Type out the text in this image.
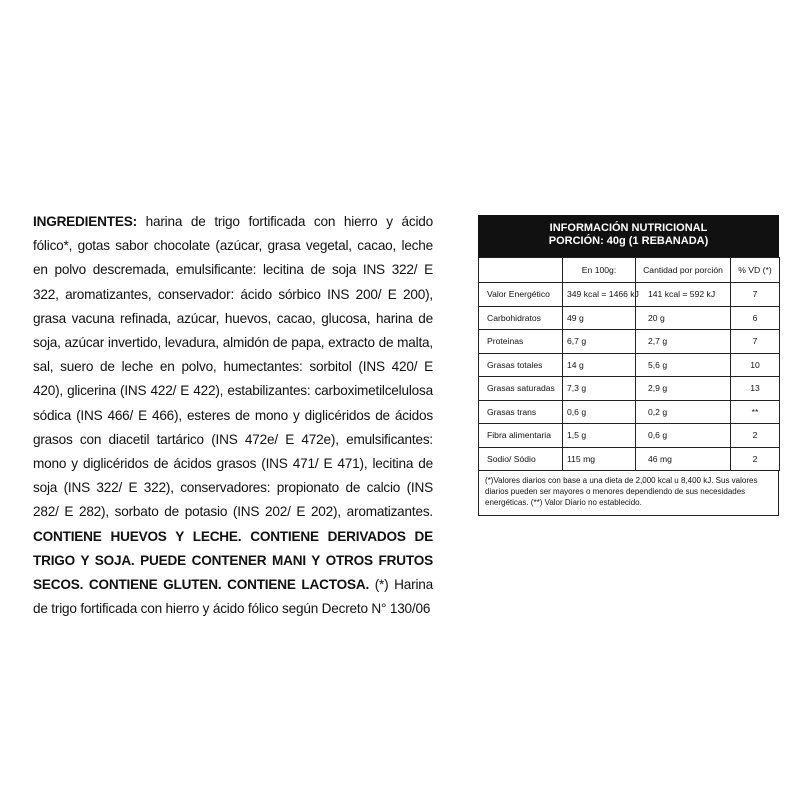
INGREDIENTES: harina de trigo fortificada con hierro y ácido fólico*, gotas sabor chocolate (azúcar, grasa vegetal, cacao, leche en polvo descremada, emulsificante: lecitina de soja INS 322/ E 322, aromatizantes, conservador: ácido sórbico INS 200/ E 200), grasa vacuna refinada, azúcar, huevos, cacao, glucosa, harina de soja, azúcar invertido, levadura, almidón de papa, extracto de malta, sal, suero de leche en polvo, humectantes: sorbitol (INS 420/ E 420), glicerina (INS 422/ E 422), estabilizantes: carboximetilcelulosa sódica (INS 466/ E 466), esteres de mono y diglicéridos de ácidos grasos con diacetil tartárico (INS 472e/ E 472e), emulsificantes: mono y diglicéridos de ácidos grasos (INS 471/ E 471), lecitina de soja (INS 322/ E 322), conservadores: propionato de calcio (INS 282/ E 282), sorbato de potasio (INS 202/ E 202), aromatizantes. CONTIENE HUEVOS Y LECHE. CONTIENE DERIVADOS DE TRIGO Y SOJA. PUEDE CONTENER MANI Y OTROS FRUTOS SECOS. CONTIENE GLUTEN. CONTIENE LACTOSA. (*) Harina de trigo fortificada con hierro y ácido fólico según Decreto N° 130/06
INFORMACIÓN NUTRICIONAL
PORCIÓN: 40g (1 REBANADA)
	En 100g:	Cantidad por porción	% VD (*)
Valor Energético	349 kcal = 1466 kJ	141 kcal = 592 kJ	7
Carbohidratos	49 g	20 g	6
Proteinas	6,7 g	2,7 g	7
Grasas totales	14 g	5,6 g	10
Grasas saturadas	7,3 g	2,9 g	13
Grasas trans	0,6 g	0,2 g	**
Fibra alimentaria	1,5 g	0,6 g	2
Sodio/ Sódio	115 mg	46 mg	2
(*)Valores diarios con base a una dieta de 2,000 kcal u 8,400 kJ. Sus valores diarios pueden ser mayores o menores dependiendo de sus necesidades energéticas. (**) Valor Diario no establecido.
